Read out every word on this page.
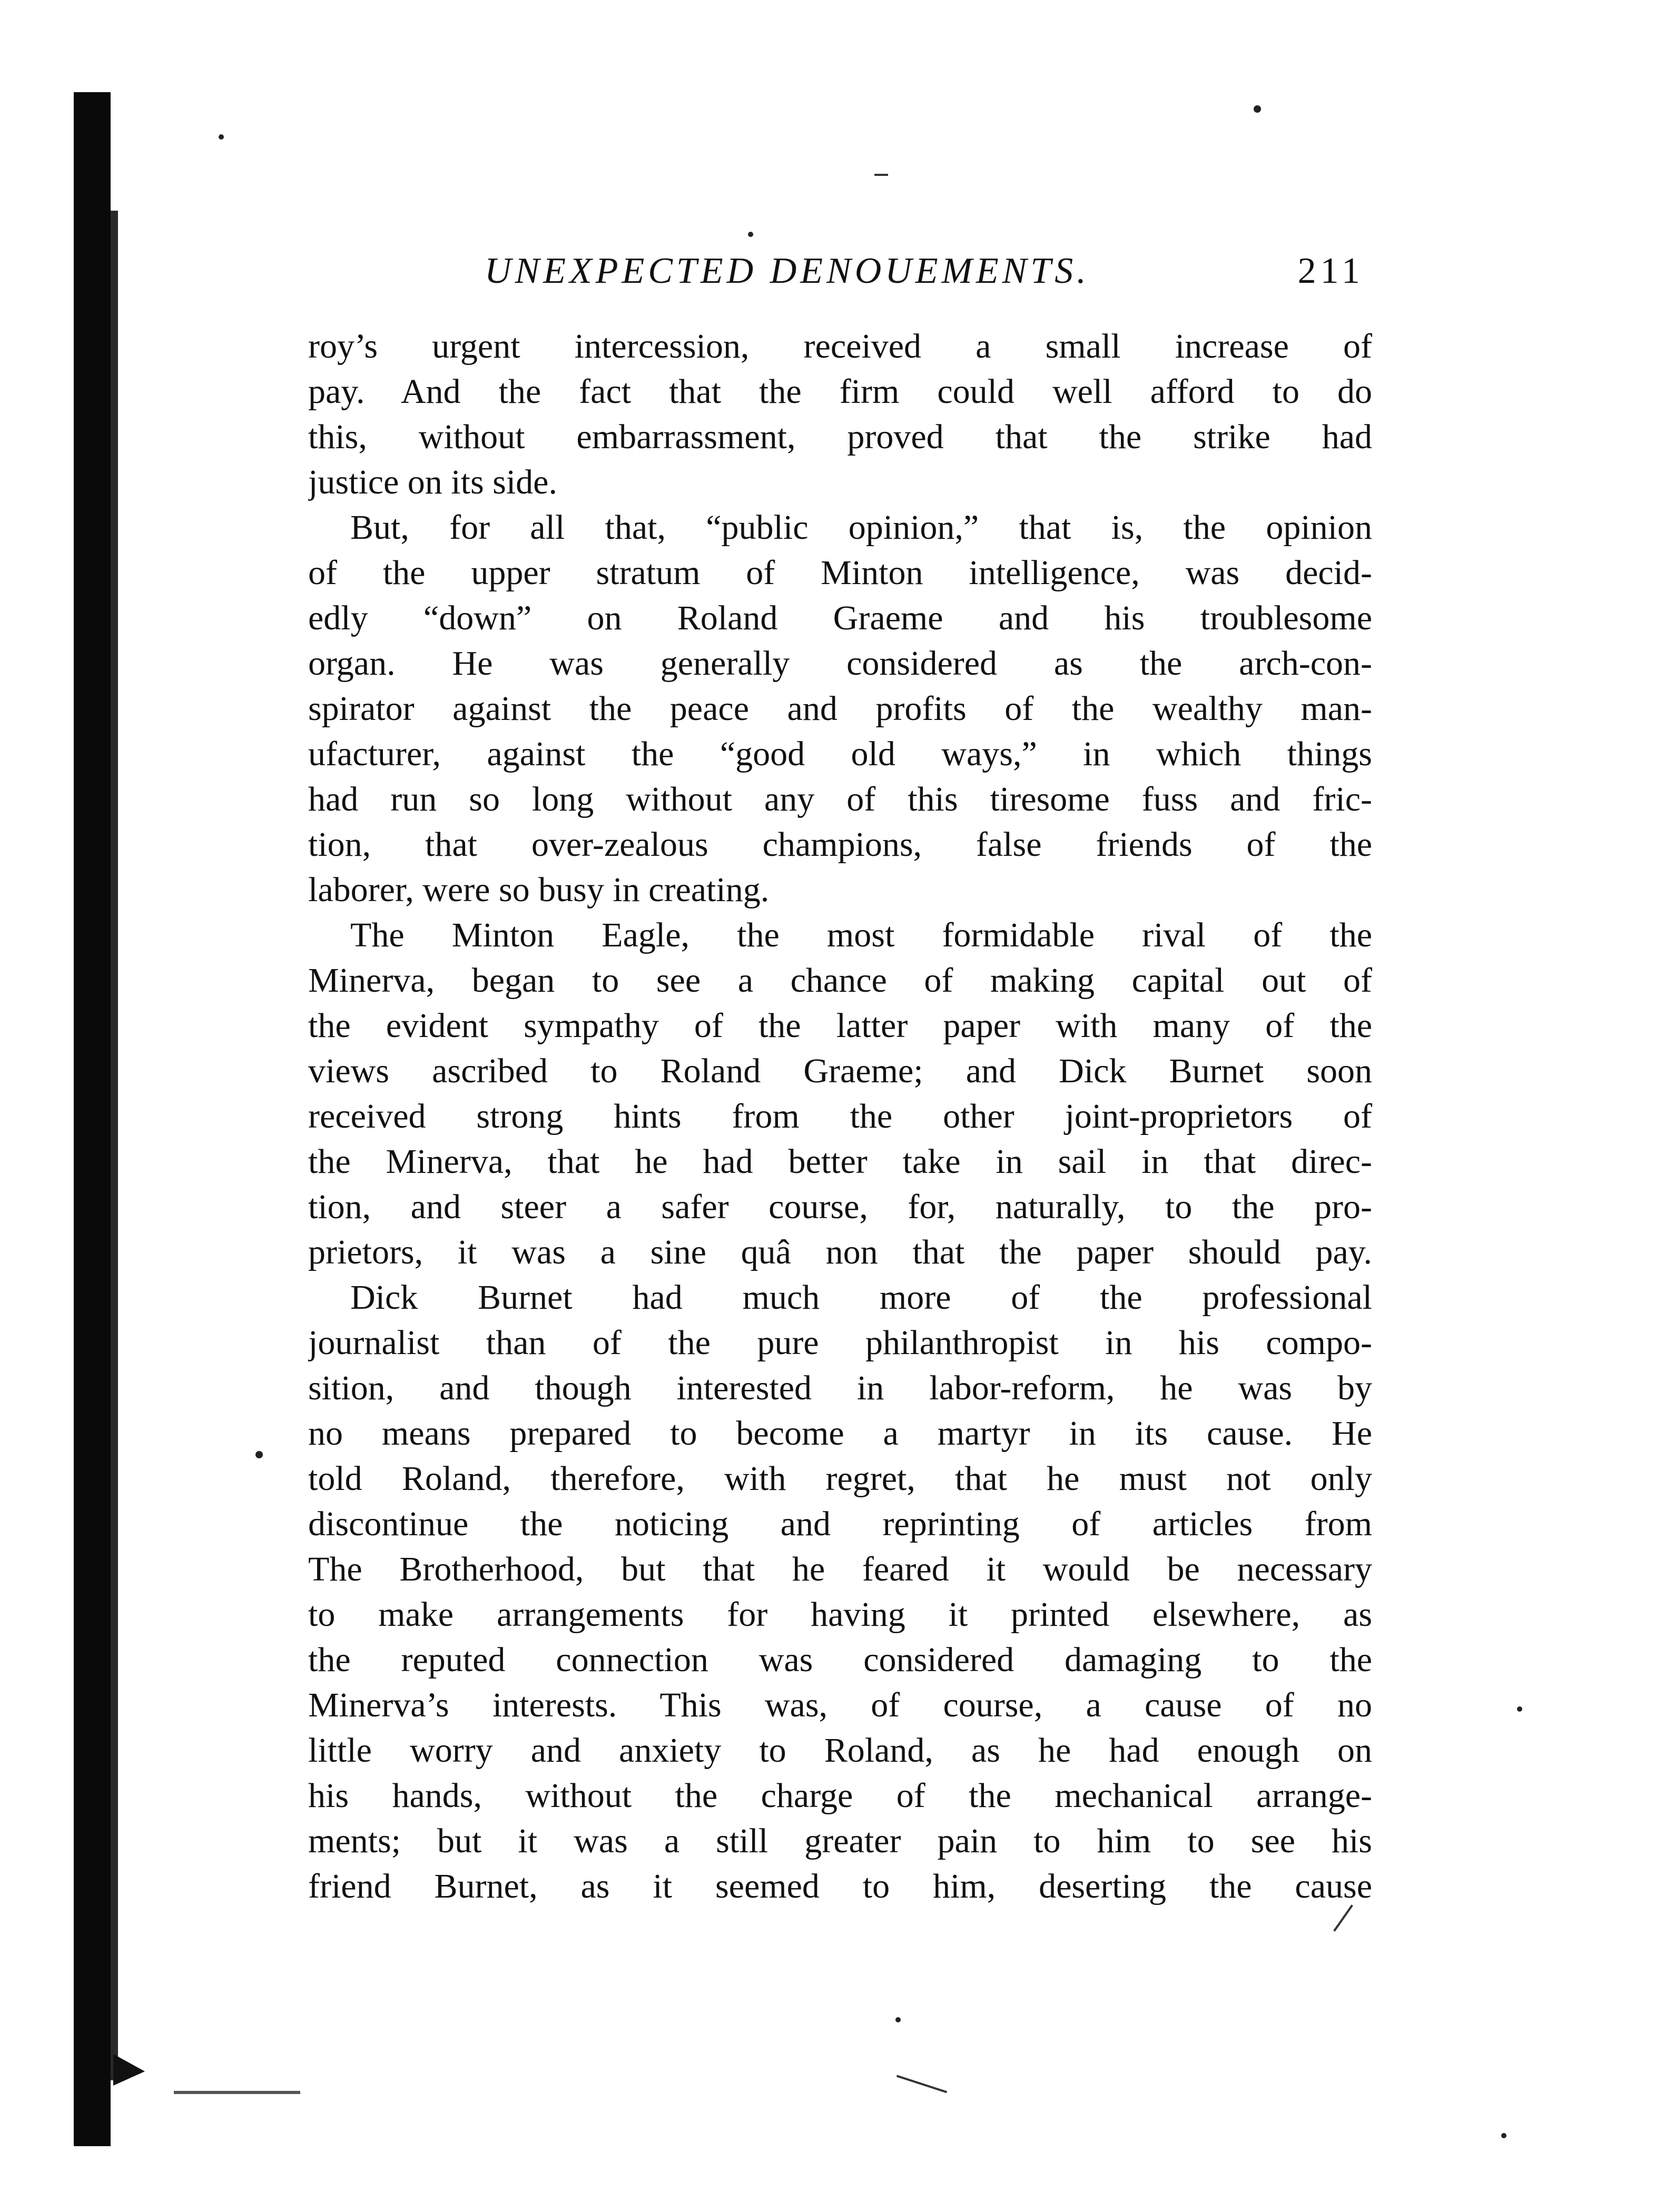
UNEXPECTED DENOUEMENTS.	211
roy’s urgent intercession, received a small increase of
pay. And the fact that the firm could well afford to do
this, without embarrassment, proved that the strike had
justice on its side.
But, for all that, “public opinion,” that is, the opinion
of the upper stratum of Minton intelligence, was decid-
edly “down” on Roland Graeme and his troublesome
organ. He was generally considered as the arch-con-
spirator against the peace and profits of the wealthy man-
ufacturer, against the “good old ways,” in which things
had run so long without any of this tiresome fuss and fric-
tion, that over-zealous champions, false friends of the
laborer, were so busy in creating.
The Minton Eagle, the most formidable rival of the
Minerva, began to see a chance of making capital out of
the evident sympathy of the latter paper with many of the
views ascribed to Roland Graeme; and Dick Burnet soon
received strong hints from the other joint-proprietors of
the Minerva, that he had better take in sail in that direc-
tion, and steer a safer course, for, naturally, to the pro-
prietors, it was a sine quâ non that the paper should pay.
Dick Burnet had much more of the professional
journalist than of the pure philanthropist in his compo-
sition, and though interested in labor-reform, he was by
no means prepared to become a martyr in its cause. He
told Roland, therefore, with regret, that he must not only
discontinue the noticing and reprinting of articles from
The Brotherhood, but that he feared it would be necessary
to make arrangements for having it printed elsewhere, as
the reputed connection was considered damaging to the
Minerva’s interests. This was, of course, a cause of no
little worry and anxiety to Roland, as he had enough on
his hands, without the charge of the mechanical arrange-
ments; but it was a still greater pain to him to see his
friend Burnet, as it seemed to him, deserting the cause
